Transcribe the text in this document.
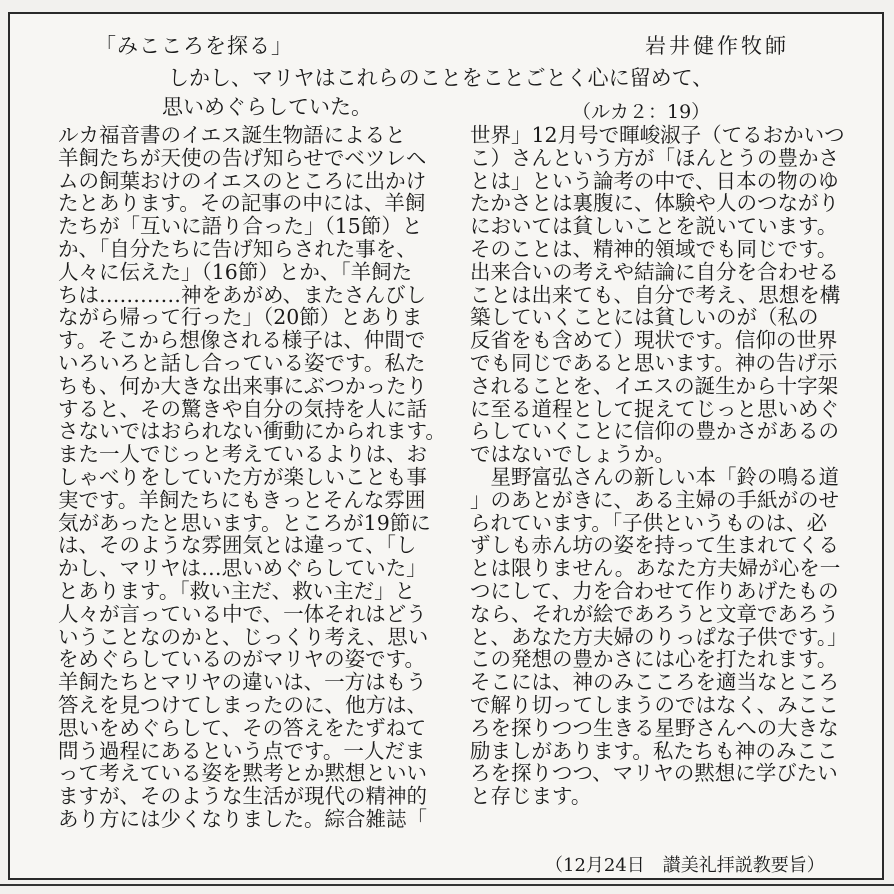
「みこころを探る」	岩井健作牧師
しかし、マリヤはこれらのことをことごとく心に留めて、
思いめぐらしていた。	（ルカ２：19）
ルカ福音書のイエス誕生物語によると
羊飼たちが天使の告げ知らせでベツレヘ
ムの飼葉おけのイエスのところに出かけ
たとあります。その記事の中には、羊飼
たちが「互いに語り合った」（15節）と
か、「自分たちに告げ知らされた事を、
人々に伝えた」（16節）とか、「羊飼た
ちは…………神をあがめ、またさんびし
ながら帰って行った」（20節）とありま
す。そこから想像される様子は、仲間で
いろいろと話し合っている姿です。私た
ちも、何か大きな出来事にぶつかったり
すると、その驚きや自分の気持を人に話
さないではおられない衝動にかられます。
また一人でじっと考えているよりは、お
しゃべりをしていた方が楽しいことも事
実です。羊飼たちにもきっとそんな雰囲
気があったと思います。ところが19節に
は、そのような雰囲気とは違って、「し
かし、マリヤは…思いめぐらしていた」
とあります。「救い主だ、救い主だ」と
人々が言っている中で、一体それはどう
いうことなのかと、じっくり考え、思い
をめぐらしているのがマリヤの姿です。
羊飼たちとマリヤの違いは、一方はもう
答えを見つけてしまったのに、他方は、
思いをめぐらして、その答えをたずねて
問う過程にあるという点です。一人だま
って考えている姿を黙考とか黙想といい
ますが、そのような生活が現代の精神的
あり方には少くなりました。綜合雑誌「
世界」12月号で暉峻淑子（てるおかいつ
こ）さんという方が「ほんとうの豊かさ
とは」という論考の中で、日本の物のゆ
たかさとは裏腹に、体験や人のつながり
においては貧しいことを説いています。
そのことは、精神的領域でも同じです。
出来合いの考えや結論に自分を合わせる
ことは出来ても、自分で考え、思想を構
築していくことには貧しいのが（私の
反省をも含めて）現状です。信仰の世界
でも同じであると思います。神の告げ示
されることを、イエスの誕生から十字架
に至る道程として捉えてじっと思いめぐ
らしていくことに信仰の豊かさがあるの
ではないでしょうか。
　星野富弘さんの新しい本「鈴の鳴る道
」のあとがきに、ある主婦の手紙がのせ
られています。「子供というものは、必
ずしも赤ん坊の姿を持って生まれてくる
とは限りません。あなた方夫婦が心を一
つにして、力を合わせて作りあげたもの
なら、それが絵であろうと文章であろう
と、あなた方夫婦のりっぱな子供です。」
この発想の豊かさには心を打たれます。
そこには、神のみこころを適当なところ
で解り切ってしまうのではなく、みここ
ろを探りつつ生きる星野さんへの大きな
励ましがあります。私たちも神のみここ
ろを探りつつ、マリヤの黙想に学びたい
と存じます。
（12月24日　讃美礼拝説教要旨）
